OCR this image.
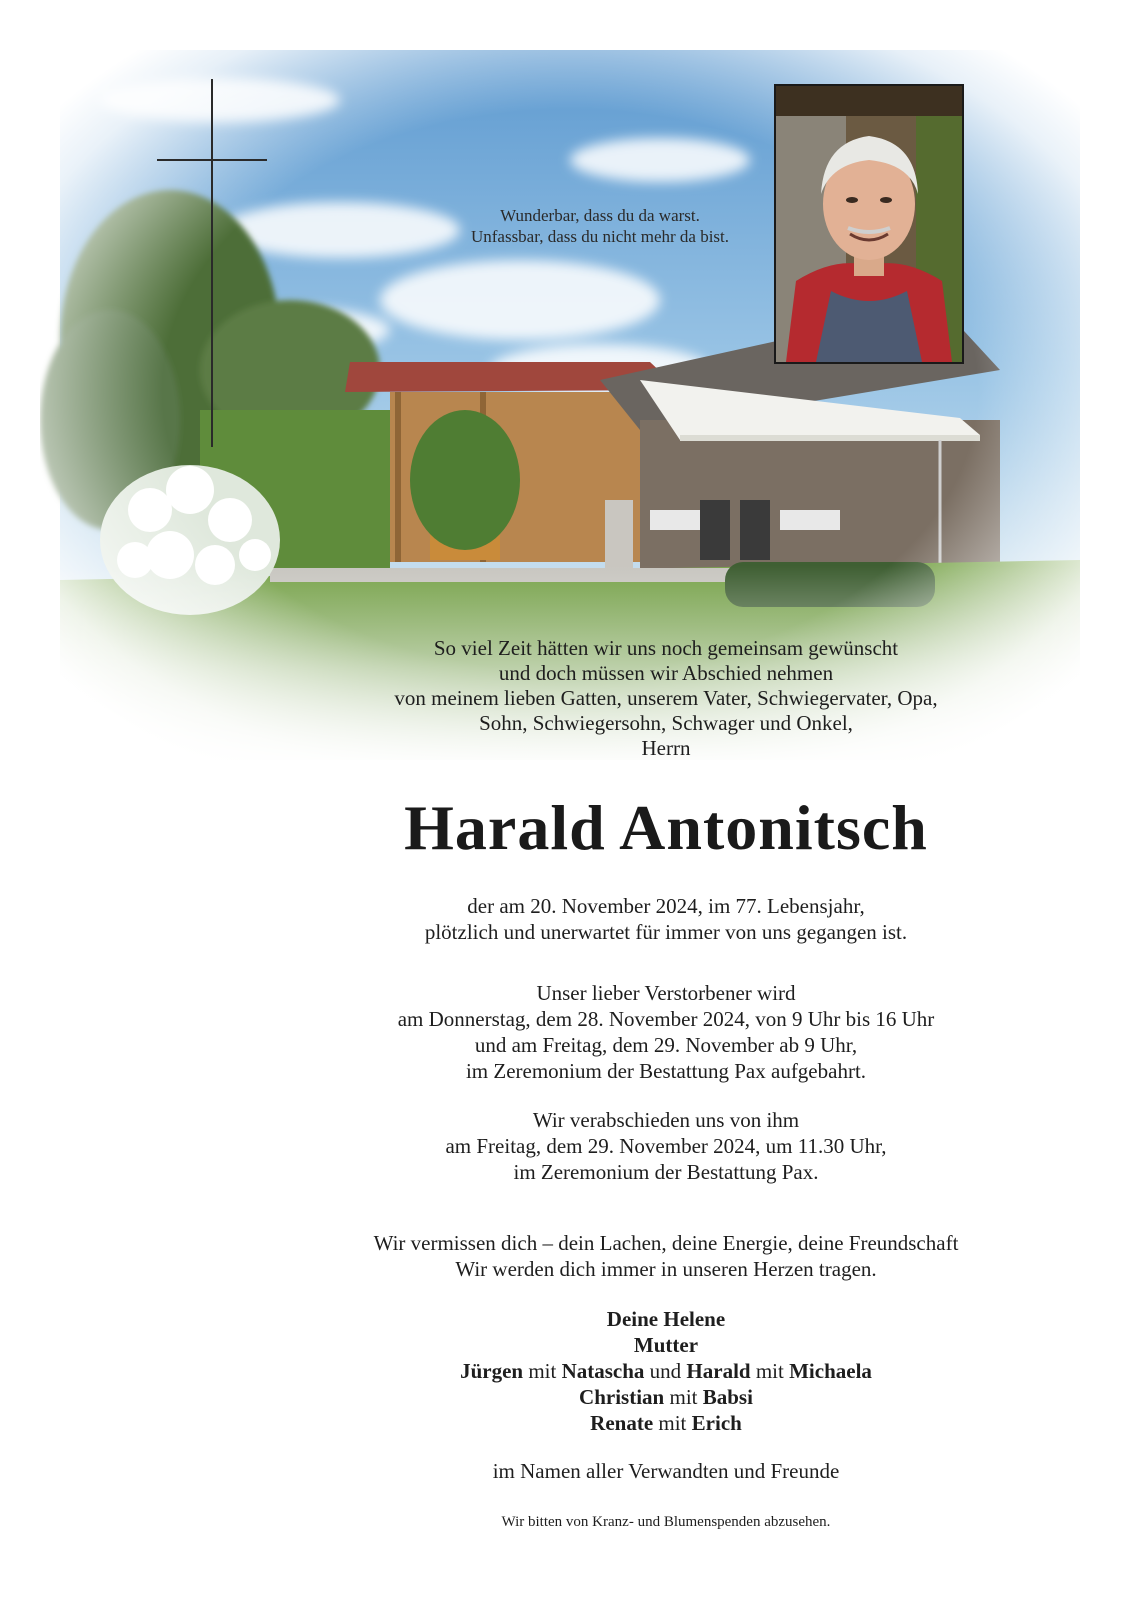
Wunderbar, dass du da warst.
Unfassbar, dass du nicht mehr da bist.
So viel Zeit hätten wir uns noch gemeinsam gewünscht
und doch müssen wir Abschied nehmen
von meinem lieben Gatten, unserem Vater, Schwiegervater, Opa,
Sohn, Schwiegersohn, Schwager und Onkel,
Herrn
Harald Antonitsch
der am 20. November 2024, im 77. Lebensjahr,
plötzlich und unerwartet für immer von uns gegangen ist.
Unser lieber Verstorbener wird
am Donnerstag, dem 28. November 2024, von 9 Uhr bis 16 Uhr
und am Freitag, dem 29. November ab 9 Uhr,
im Zeremonium der Bestattung Pax aufgebahrt.
Wir verabschieden uns von ihm
am Freitag, dem 29. November 2024, um 11.30 Uhr,
im Zeremonium der Bestattung Pax.
Wir vermissen dich – dein Lachen, deine Energie, deine Freundschaft
Wir werden dich immer in unseren Herzen tragen.
Deine Helene
Mutter
Jürgen mit Natascha und Harald mit Michaela
Christian mit Babsi
Renate mit Erich
im Namen aller Verwandten und Freunde
Wir bitten von Kranz- und Blumenspenden abzusehen.
